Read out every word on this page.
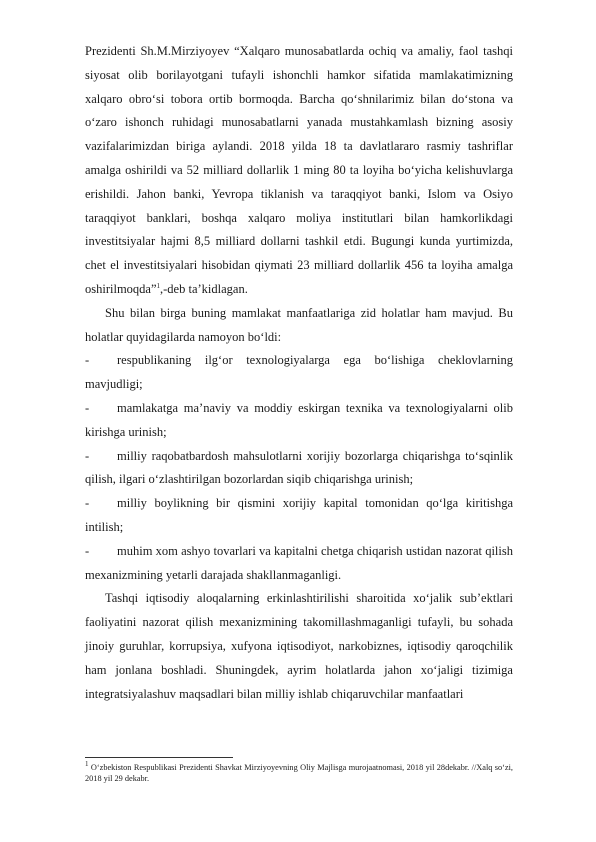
Prezidenti Sh.M.Mirziyoyev “Xalqaro munosabatlarda ochiq va amaliy, faol tashqi siyosat olib borilayotgani tufayli ishonchli hamkor sifatida mamlakatimizning xalqaro obro‘si tobora ortib bormoqda. Barcha qo‘shnilarimiz bilan do‘stona va o‘zaro ishonch ruhidagi munosabatlarni yanada mustahkamlash bizning asosiy vazifalarimizdan biriga aylandi. 2018 yilda 18 ta davlatlararo rasmiy tashriflar amalga oshirildi va 52 milliard dollarlik 1 ming 80 ta loyiha bo‘yicha kelishuvlarga erishildi. Jahon banki, Yevropa tiklanish va taraqqiyot banki, Islom va Osiyo taraqqiyot banklari, boshqa xalqaro moliya institutlari bilan hamkorlikdagi investitsiyalar hajmi 8,5 milliard dollarni tashkil etdi. Bugungi kunda yurtimizda, chet el investitsiyalari hisobidan qiymati 23 milliard dollarlik 456 ta loyiha amalga oshirilmoqda”$^1$,-deb ta’kidlagan.

Shu bilan birga buning mamlakat manfaatlariga zid holatlar ham mavjud. Bu holatlar quyidagilarda namoyon bo‘ldi:

- respublikaning ilg‘or texnologiyalarga ega bo‘lishiga cheklovlarning mavjudligi;

- mamlakatga ma’naviy va moddiy eskirgan texnika va texnologiyalarni olib kirishga urinish;

- milliy raqobatbardosh mahsulotlarni xorijiy bozorlarga chiqarishga to‘sqinlik qilish, ilgari o‘zlashtirilgan bozorlardan siqib chiqarishga urinish;

- milliy boylikning bir qismini xorijiy kapital tomonidan qo‘lga kiritishga intilish;

- muhim xom ashyo tovarlari va kapitalni chetga chiqarish ustidan nazorat qilish mexanizmining yetarli darajada shakllanmaganligi.

Tashqi iqtisodiy aloqalarning erkinlashtirilishi sharoitida xo‘jalik sub’ektlari faoliyatini nazorat qilish mexanizmining takomillashmaganligi tufayli, bu sohada jinoiy guruhlar, korrupsiya, xufyona iqtisodiyot, narkobiznes, iqtisodiy qaroqchilik ham jonlana boshladi. Shuningdek, ayrim holatlarda jahon xo‘jaligi tizimiga integratsiyalashuv maqsadlari bilan milliy ishlab chiqaruvchilar manfaatlari

$^1$ O‘zbekiston Respublikasi Prezidenti Shavkat Mirziyoyevning Oliy Majlisga murojaatnomasi, 2018 yil 28dekabr. //Xalq so‘zi, 2018 yil 29 dekabr.
